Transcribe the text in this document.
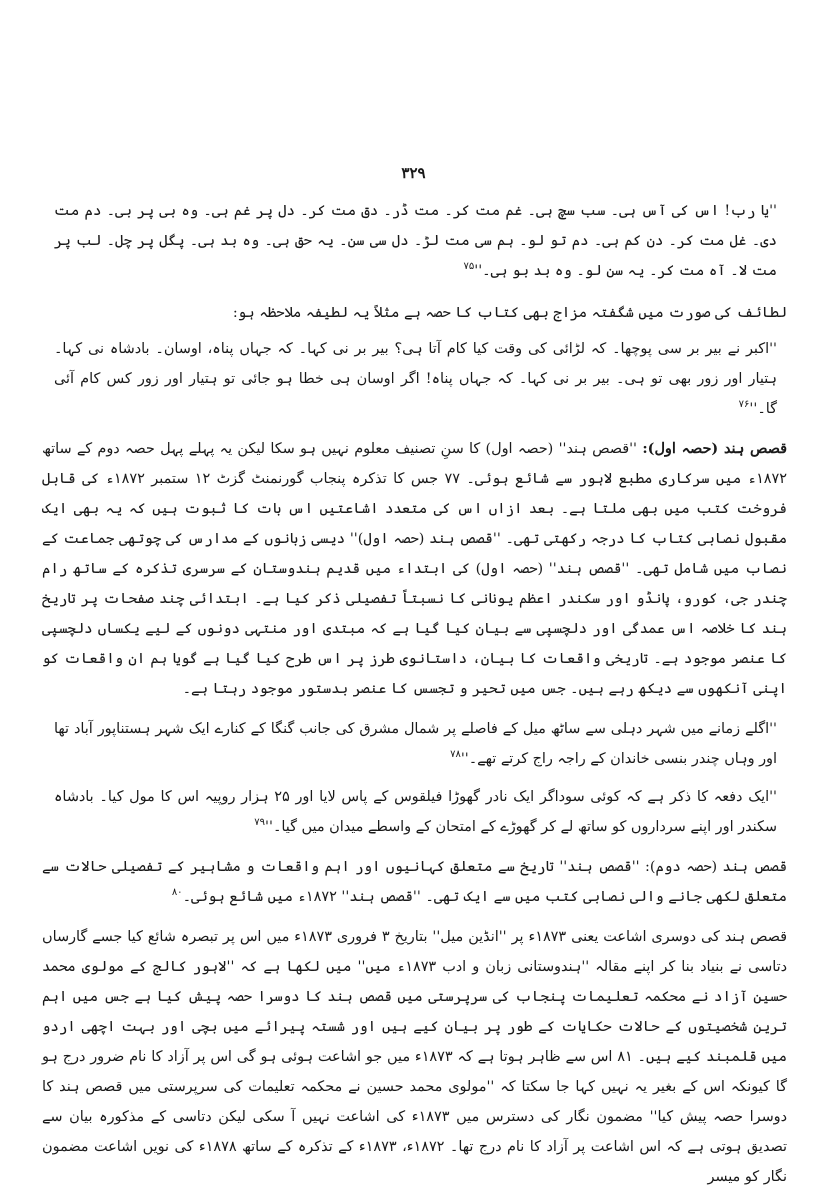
۳۲۹

''یا رب! اس کی آس ہی۔ سب سچ ہی۔ غم مت کر۔ مت ڈر۔ دق مت کر۔ دل پر غم ہی۔ وہ بی پر بی۔ دم مت دی۔ غل مت کر۔ دن کم ہی۔ دم تو لو۔ ہم سی مت لڑ۔ دل سی سن۔ یہ حق ہی۔ وہ بد ہی۔ پگل پر چل۔ لب پر مت لا۔ آہ مت کر۔ یہ سن لو۔ وہ بد بو $ہی۔''^{۷۵}$

لطائف کی صورت میں شگفتہ مزاج بھی کتاب کا حصہ ہے مثلاً یہ لطیفہ ملاحظہ ہو:

''اکبر نے بیر بر سی پوچھا۔ کہ لڑائی کی وقت کیا کام آتا ہی؟ بیر بر نی کہا۔ کہ جہاں پناہ، اوسان۔ بادشاہ نی کہا۔ ہتیار اور زور بھی تو ہی۔ بیر بر نی کہا۔ کہ جہاں پناہ! اگر اوسان ہی خطا ہو جائی تو ہتیار اور زور کس کام آئی $گا۔''^{۷۶}$

قصص ہند (حصہ اول): ''قصص ہند'' (حصہ اول) کا سنِ تصنیف معلوم نہیں ہو سکا لیکن یہ پہلے پہل حصہ دوم کے ساتھ ۱۸۷۲ء میں سرکاری مطبع لاہور سے شائع ہوئی۔ ۷۷ جس کا تذکرہ پنجاب گورنمنٹ گزٹ ۱۲ ستمبر ۱۸۷۲ء کی قابل فروخت کتب میں بھی ملتا ہے۔ بعد ازاں اس کی متعدد اشاعتیں اس بات کا ثبوت ہیں کہ یہ بھی ایک مقبول نصابی کتاب کا درجہ رکھتی تھی۔ ''قصص ہند (حصہ اول)'' دیسی زبانوں کے مدارس کی چوتھی جماعت کے نصاب میں شامل تھی۔ ''قصص ہند'' (حصہ اول) کی ابتداء میں قدیم ہندوستان کے سرسری تذکرہ کے ساتھ رام چندر جی، کورو، پانڈو اور سکندر اعظم یونانی کا نسبتاً تفصیلی ذکر کیا ہے۔ ابتدائی چند صفحات پر تاریخ ہند کا خلاصہ اس عمدگی اور دلچسپی سے بیان کیا گیا ہے کہ مبتدی اور منتہی دونوں کے لیے یکساں دلچسپی کا عنصر موجود ہے۔ تاریخی واقعات کا بیان، داستانوی طرز پر اس طرح کیا گیا ہے گویا ہم ان واقعات کو اپنی آنکھوں سے دیکھ رہے ہیں۔ جس میں تحیر و تجسس کا عنصر بدستور موجود رہتا ہے۔

''اگلے زمانے میں شہر دہلی سے ساٹھ میل کے فاصلے پر شمال مشرق کی جانب گنگا کے کنارے ایک شہر ہستناپور آباد تھا اور وہاں چندر بنسی خاندان کے راجہ راج کرتے $تھے۔''^{۷۸}$

''ایک دفعہ کا ذکر ہے کہ کوئی سوداگر ایک نادر گھوڑا فیلقوس کے پاس لایا اور ۲۵ ہزار روپیہ اس کا مول کیا۔ بادشاہ سکندر اور اپنے سرداروں کو ساتھ لے کر گھوڑے کے امتحان کے واسطے میدان میں $گیا۔''^{۷۹}$

قصص ہند (حصہ دوم): ''قصص ہند'' تاریخ سے متعلق کہانیوں اور اہم واقعات و مشاہیر کے تفصیلی حالات سے متعلق لکھی جانے والی نصابی کتب میں سے ایک تھی۔ ''قصص ہند'' ۱۸۷۲ء میں شائع ہوئی۔$^{۸۰}$

قصص ہند کی دوسری اشاعت یعنی ۱۸۷۳ء پر ''انڈین میل'' بتاریخ ۳ فروری ۱۸۷۳ء میں اس پر تبصرہ شائع کیا جسے گارساں دتاسی نے بنیاد بنا کر اپنے مقالہ ''ہندوستانی زبان و ادب ۱۸۷۳ء میں'' میں لکھا ہے کہ ''لاہور کالج کے مولوی محمد حسین آزاد نے محکمہ تعلیمات پنجاب کی سرپرستی میں قصص ہند کا دوسرا حصہ پیش کیا ہے جس میں اہم ترین شخصیتوں کے حالات حکایات کے طور پر بیان کیے ہیں اور شستہ پیرائے میں بچی اور بہت اچھی اردو میں قلمبند کیے ہیں۔ ۸۱ اس سے ظاہر ہوتا ہے کہ ۱۸۷۳ء میں جو اشاعت ہوئی ہو گی اس پر آزاد کا نام ضرور درج ہو گا کیونکہ اس کے بغیر یہ نہیں کہا جا سکتا کہ ''مولوی محمد حسین نے محکمہ تعلیمات کی سرپرستی میں قصص ہند کا دوسرا حصہ پیش کیا'' مضمون نگار کی دسترس میں ۱۸۷۳ء کی اشاعت نہیں آ سکی لیکن دتاسی کے مذکورہ بیان سے تصدیق ہوتی ہے کہ اس اشاعت پر آزاد کا نام درج تھا۔ ۱۸۷۲ء، ۱۸۷۳ء کے تذکرہ کے ساتھ ۱۸۷۸ء کی نویں اشاعت مضمون نگار کو میسر
